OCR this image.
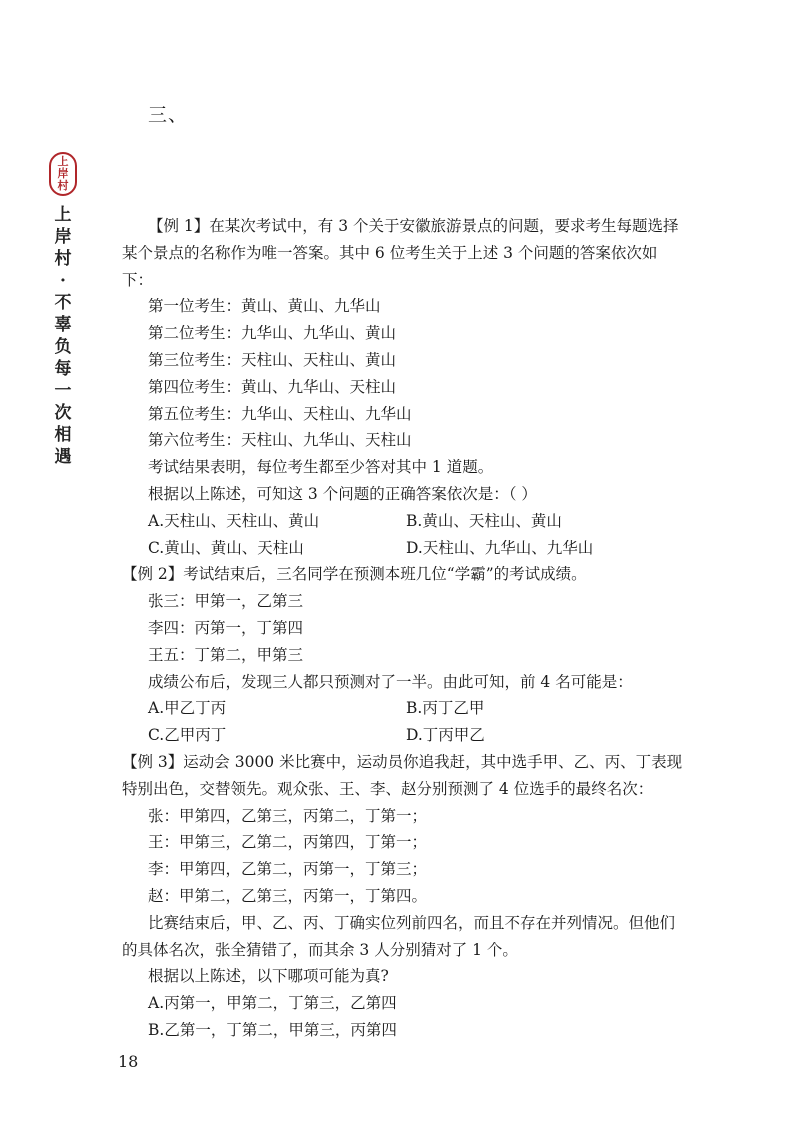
三、
上
岸
村
上岸村·不辜负每一次相遇
【例 1】在某次考试中，有 3 个关于安徽旅游景点的问题，要求考生每题选择某个景点的名称作为唯一答案。其中 6 位考生关于上述 3 个问题的答案依次如下：
第一位考生：黄山、黄山、九华山
第二位考生：九华山、九华山、黄山
第三位考生：天柱山、天柱山、黄山
第四位考生：黄山、九华山、天柱山
第五位考生：九华山、天柱山、九华山
第六位考生：天柱山、九华山、天柱山
考试结果表明，每位考生都至少答对其中 1 道题。
根据以上陈述，可知这 3 个问题的正确答案依次是：（ ）
A.天柱山、天柱山、黄山	B.黄山、天柱山、黄山
C.黄山、黄山、天柱山	D.天柱山、九华山、九华山
【例 2】考试结束后，三名同学在预测本班几位“学霸”的考试成绩。
张三：甲第一，乙第三
李四：丙第一，丁第四
王五：丁第二，甲第三
成绩公布后，发现三人都只预测对了一半。由此可知，前 4 名可能是：
A.甲乙丁丙	B.丙丁乙甲
C.乙甲丙丁	D.丁丙甲乙
【例 3】运动会 3000 米比赛中，运动员你追我赶，其中选手甲、乙、丙、丁表现特别出色，交替领先。观众张、王、李、赵分别预测了 4 位选手的最终名次：
张：甲第四，乙第三，丙第二，丁第一；
王：甲第三，乙第二，丙第四，丁第一；
李：甲第四，乙第二，丙第一，丁第三；
赵：甲第二，乙第三，丙第一，丁第四。
比赛结束后，甲、乙、丙、丁确实位列前四名，而且不存在并列情况。但他们的具体名次，张全猜错了，而其余 3 人分别猜对了 1 个。
根据以上陈述，以下哪项可能为真?
A.丙第一，甲第二，丁第三，乙第四
B.乙第一，丁第二，甲第三，丙第四
18
